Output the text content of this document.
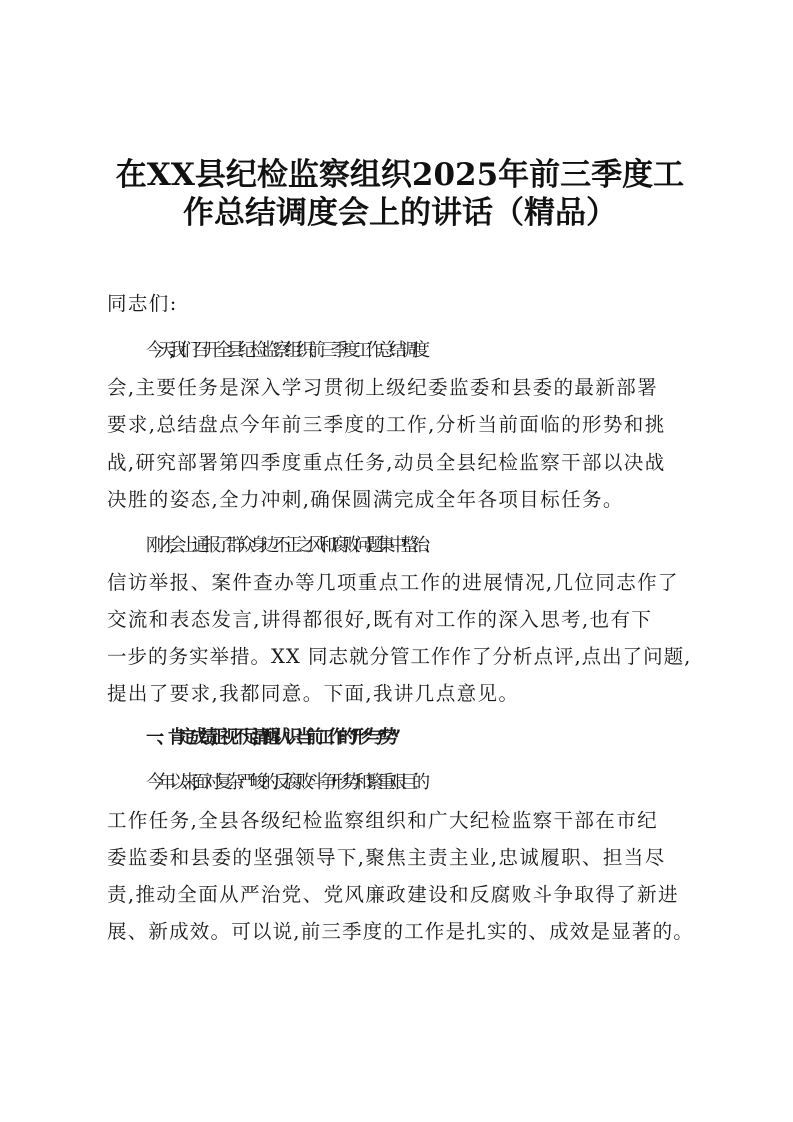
在XX县纪检监察组织2025年前三季度工
作总结调度会上的讲话（精品）
同志们:
今天,我们召开全县纪检监察组织前三季度工作总结调度
会,主要任务是深入学习贯彻上级纪委监委和县委的最新部署
要求,总结盘点今年前三季度的工作,分析当前面临的形势和挑
战,研究部署第四季度重点任务,动员全县纪检监察干部以决战
决胜的姿态,全力冲刺,确保圆满完成全年各项目标任务。
刚才,会上通报了群众身边不正之风和腐败问题集中整治、
信访举报、案件查办等几项重点工作的进展情况,几位同志作了
交流和表态发言,讲得都很好,既有对工作的深入思考,也有下
一步的务实举措。XX 同志就分管工作作了分析点评,点出了问题,
提出了要求,我都同意。下面,我讲几点意见。
一、肯定成绩,正视不足,清醒认识当前工作的“形”与“势”
今年以来,面对复杂严峻的反腐败斗争形势和繁重艰巨的
工作任务,全县各级纪检监察组织和广大纪检监察干部在市纪
委监委和县委的坚强领导下,聚焦主责主业,忠诚履职、担当尽
责,推动全面从严治党、党风廉政建设和反腐败斗争取得了新进
展、新成效。可以说,前三季度的工作是扎实的、成效是显著的。
